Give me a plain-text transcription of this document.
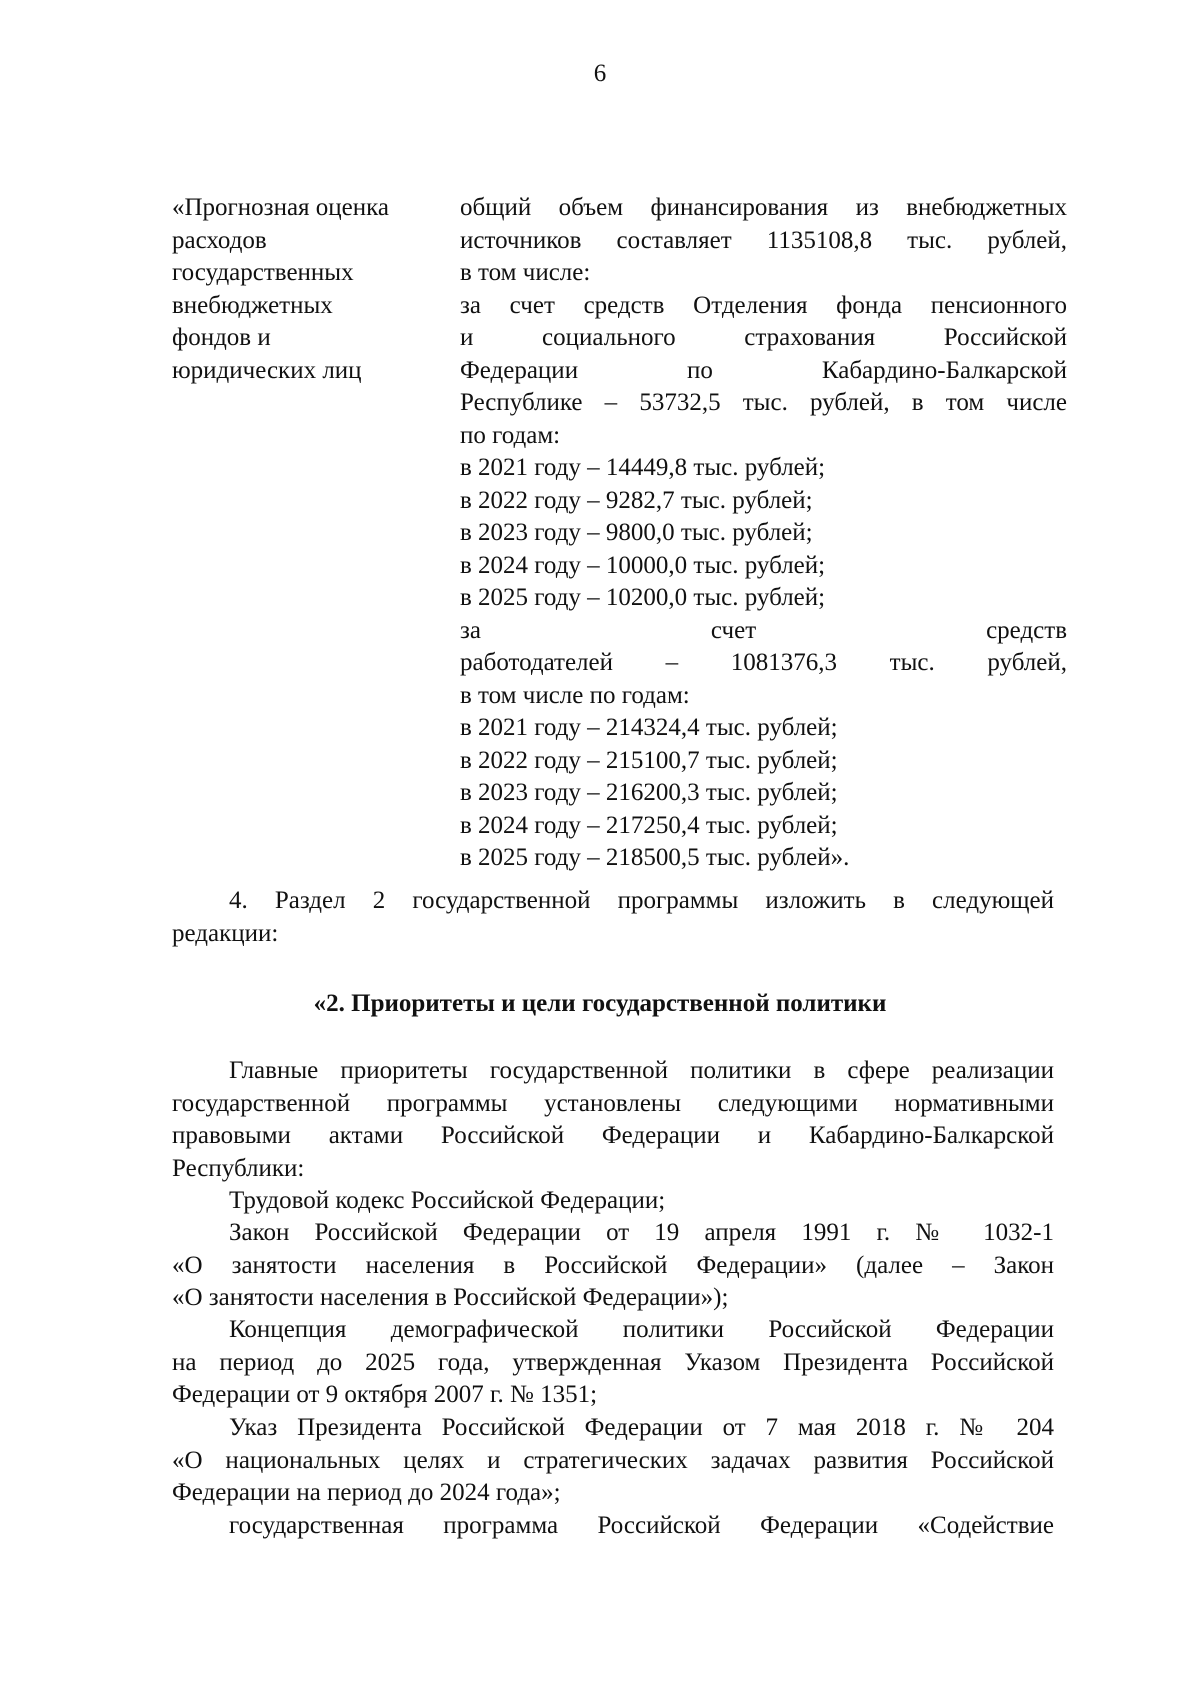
6
«Прогнозная оценка
расходов
государственных
внебюджетных
фондов и
юридических лиц
общий объем финансирования из внебюджетных
источников составляет 1135108,8 тыс. рублей,
в том числе:
за счет средств Отделения фонда пенсионного
и социального страхования Российской
Федерации по Кабардино-Балкарской
Республике – 53732,5 тыс. рублей, в том числе
по годам:
в 2021 году – 14449,8 тыс. рублей;
в 2022 году – 9282,7 тыс. рублей;
в 2023 году – 9800,0 тыс. рублей;
в 2024 году – 10000,0 тыс. рублей;
в 2025 году – 10200,0 тыс. рублей;
за счет средств
работодателей – 1081376,3 тыс. рублей,
в том числе по годам:
в 2021 году – 214324,4 тыс. рублей;
в 2022 году – 215100,7 тыс. рублей;
в 2023 году – 216200,3 тыс. рублей;
в 2024 году – 217250,4 тыс. рублей;
в 2025 году – 218500,5 тыс. рублей».
4. Раздел 2 государственной программы изложить в следующей
редакции:
«2. Приоритеты и цели государственной политики
Главные приоритеты государственной политики в сфере реализации
государственной программы установлены следующими нормативными
правовыми актами Российской Федерации и Кабардино-Балкарской
Республики:
Трудовой кодекс Российской Федерации;
Закон Российской Федерации от 19 апреля 1991 г. № 1032-1
«О занятости населения в Российской Федерации» (далее – Закон
«О занятости населения в Российской Федерации»);
Концепция демографической политики Российской Федерации
на период до 2025 года, утвержденная Указом Президента Российской
Федерации от 9 октября 2007 г. № 1351;
Указ Президента Российской Федерации от 7 мая 2018 г. № 204
«О национальных целях и стратегических задачах развития Российской
Федерации на период до 2024 года»;
государственная программа Российской Федерации «Содействие
